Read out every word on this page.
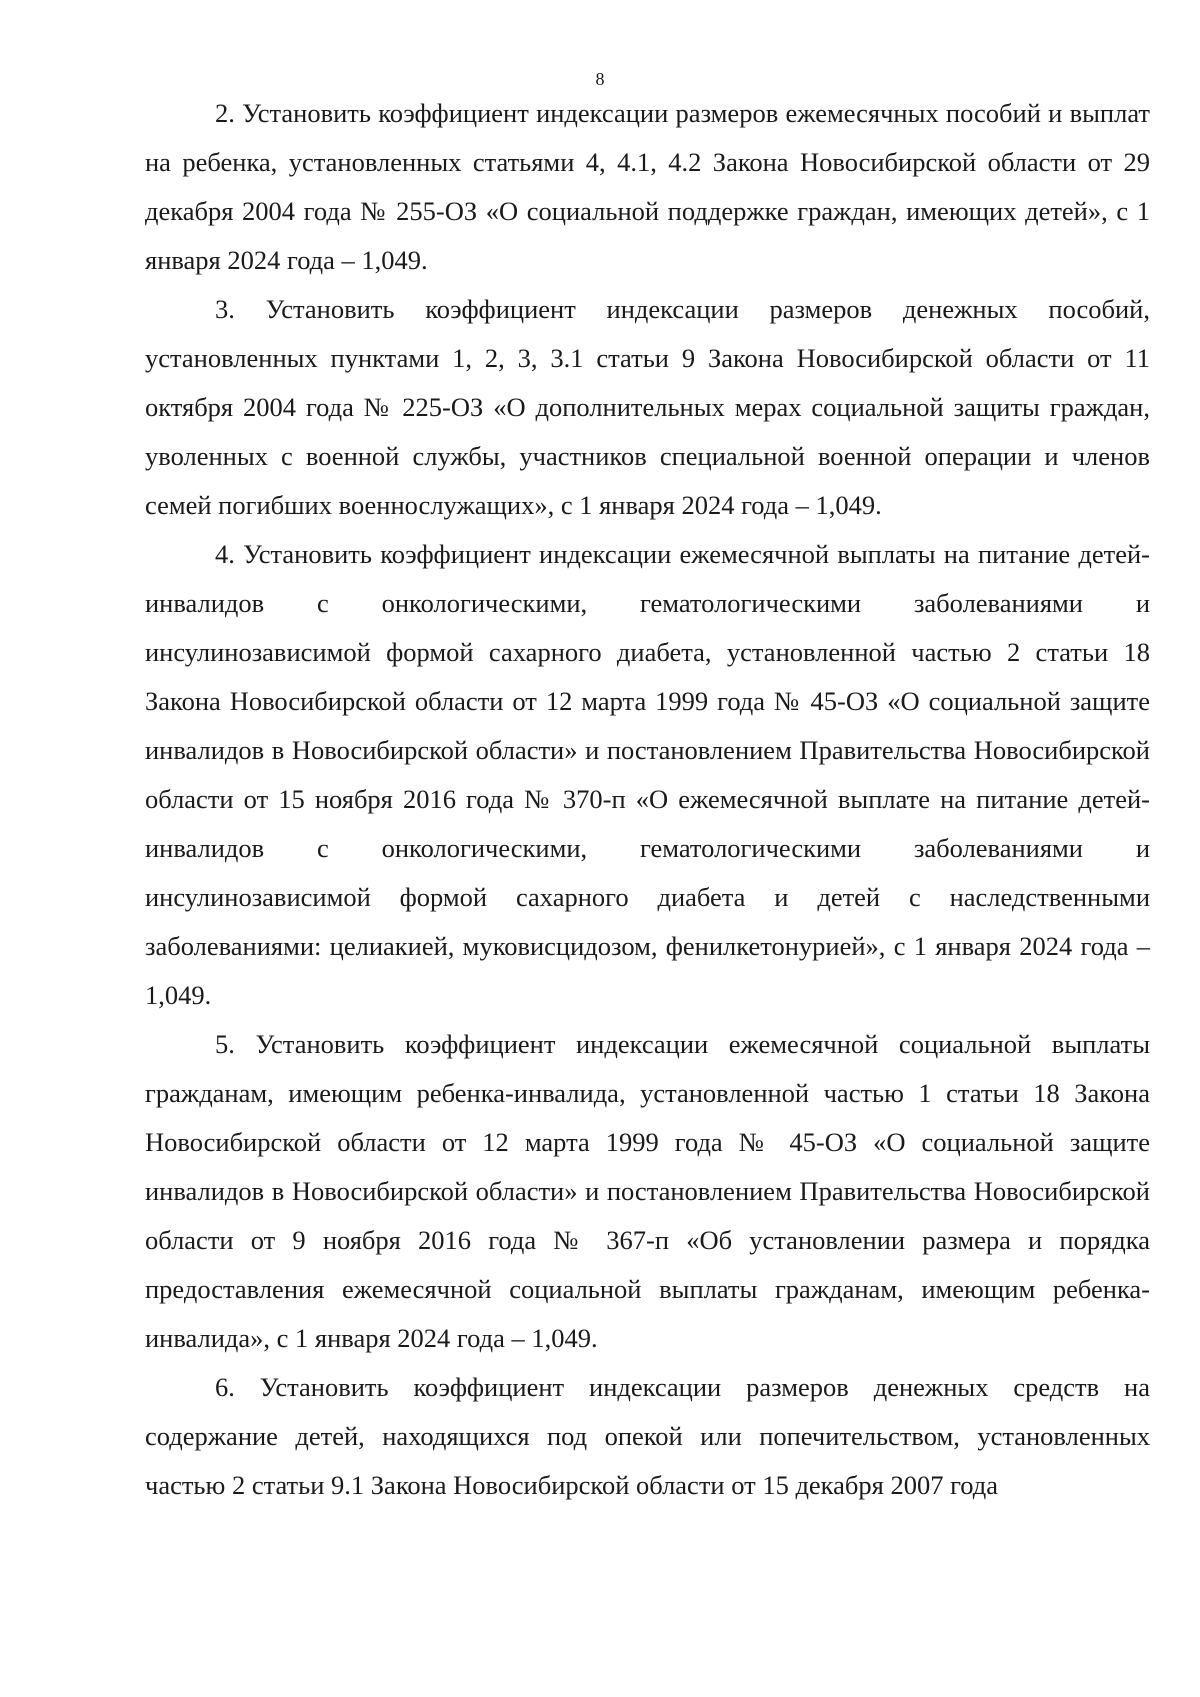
8

2. Установить коэффициент индексации размеров ежемесячных пособий и выплат на ребенка, установленных статьями 4, 4.1, 4.2 Закона Новосибирской области от 29 декабря 2004 года № 255-ОЗ «О социальной поддержке граждан, имеющих детей», с 1 января 2024 года – 1,049.

3. Установить коэффициент индексации размеров денежных пособий, установленных пунктами 1, 2, 3, 3.1 статьи 9 Закона Новосибирской области от 11 октября 2004 года № 225-ОЗ «О дополнительных мерах социальной защиты граждан, уволенных с военной службы, участников специальной военной операции и членов семей погибших военнослужащих», с 1 января 2024 года – 1,049.

4. Установить коэффициент индексации ежемесячной выплаты на питание детей-инвалидов с онкологическими, гематологическими заболеваниями и инсулинозависимой формой сахарного диабета, установленной частью 2 статьи 18 Закона Новосибирской области от 12 марта 1999 года № 45-ОЗ «О социальной защите инвалидов в Новосибирской области» и постановлением Правительства Новосибирской области от 15 ноября 2016 года № 370-п «О ежемесячной выплате на питание детей-инвалидов с онкологическими, гематологическими заболеваниями и инсулинозависимой формой сахарного диабета и детей с наследственными заболеваниями: целиакией, муковисцидозом, фенилкетонурией», с 1 января 2024 года – 1,049.

5. Установить коэффициент индексации ежемесячной социальной выплаты гражданам, имеющим ребенка-инвалида, установленной частью 1 статьи 18 Закона Новосибирской области от 12 марта 1999 года № 45-ОЗ «О социальной защите инвалидов в Новосибирской области» и постановлением Правительства Новосибирской области от 9 ноября 2016 года № 367-п «Об установлении размера и порядка предоставления ежемесячной социальной выплаты гражданам, имеющим ребенка-инвалида», с 1 января 2024 года – 1,049.

6. Установить коэффициент индексации размеров денежных средств на содержание детей, находящихся под опекой или попечительством, установленных частью 2 статьи 9.1 Закона Новосибирской области от 15 декабря 2007 года
